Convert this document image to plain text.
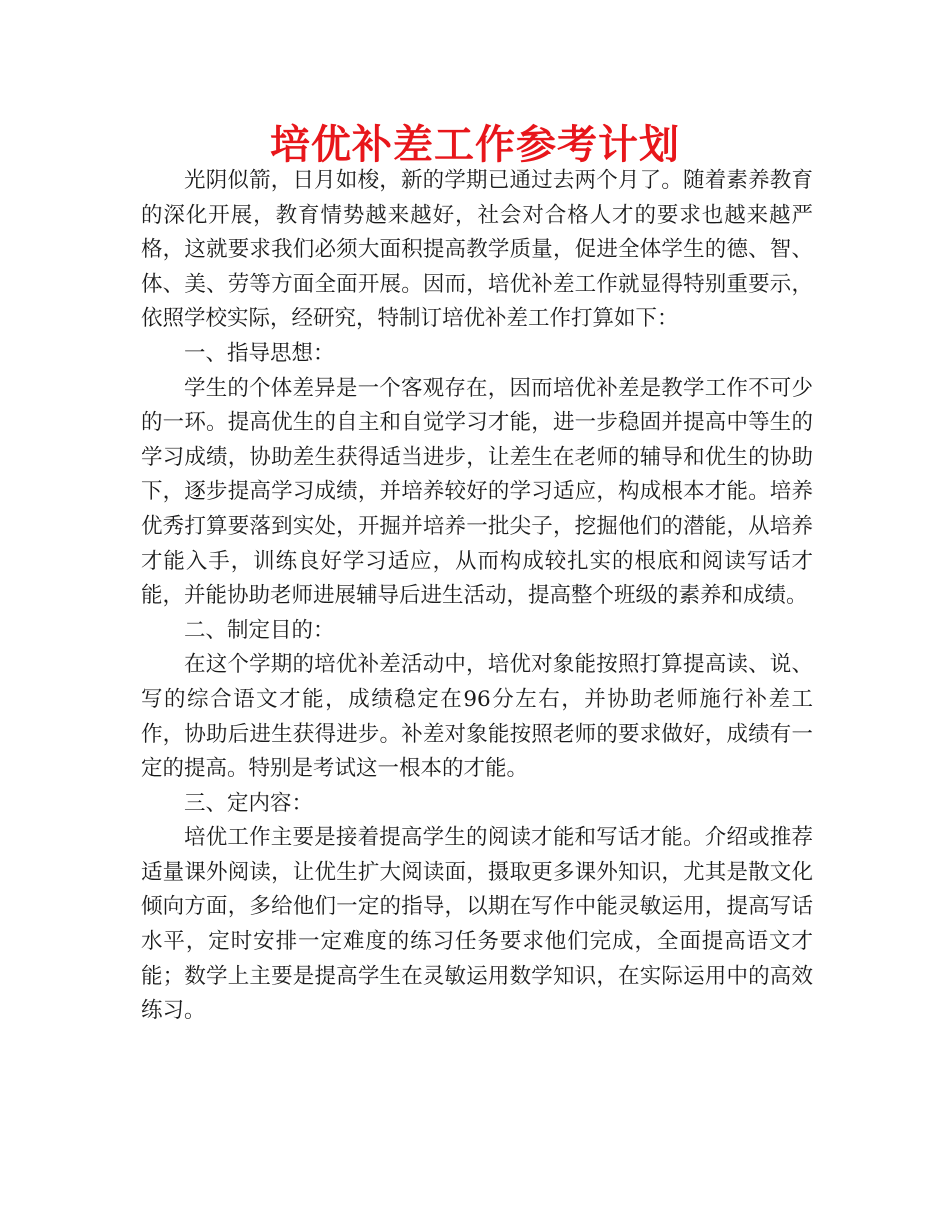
培优补差工作参考计划

光阴似箭，日月如梭，新的学期已通过去两个月了。随着素养教育的深化开展，教育情势越来越好，社会对合格人才的要求也越来越严格，这就要求我们必须大面积提高教学质量，促进全体学生的德、智、体、美、劳等方面全面开展。因而，培优补差工作就显得特别重要示，依照学校实际，经研究，特制订培优补差工作打算如下：

一、指导思想：

学生的个体差异是一个客观存在，因而培优补差是教学工作不可少的一环。提高优生的自主和自觉学习才能，进一步稳固并提高中等生的学习成绩，协助差生获得适当进步，让差生在老师的辅导和优生的协助下，逐步提高学习成绩，并培养较好的学习适应，构成根本才能。培养优秀打算要落到实处，开掘并培养一批尖子，挖掘他们的潜能，从培养才能入手，训练良好学习适应，从而构成较扎实的根底和阅读写话才能，并能协助老师进展辅导后进生活动，提高整个班级的素养和成绩。

二、制定目的：

在这个学期的培优补差活动中，培优对象能按照打算提高读、说、写的综合语文才能，成绩稳定在96分左右，并协助老师施行补差工作，协助后进生获得进步。补差对象能按照老师的要求做好，成绩有一定的提高。特别是考试这一根本的才能。

三、定内容：

培优工作主要是接着提高学生的阅读才能和写话才能。介绍或推荐适量课外阅读，让优生扩大阅读面，摄取更多课外知识，尤其是散文化倾向方面，多给他们一定的指导，以期在写作中能灵敏运用，提高写话水平，定时安排一定难度的练习任务要求他们完成，全面提高语文才能；数学上主要是提高学生在灵敏运用数学知识，在实际运用中的高效练习。
